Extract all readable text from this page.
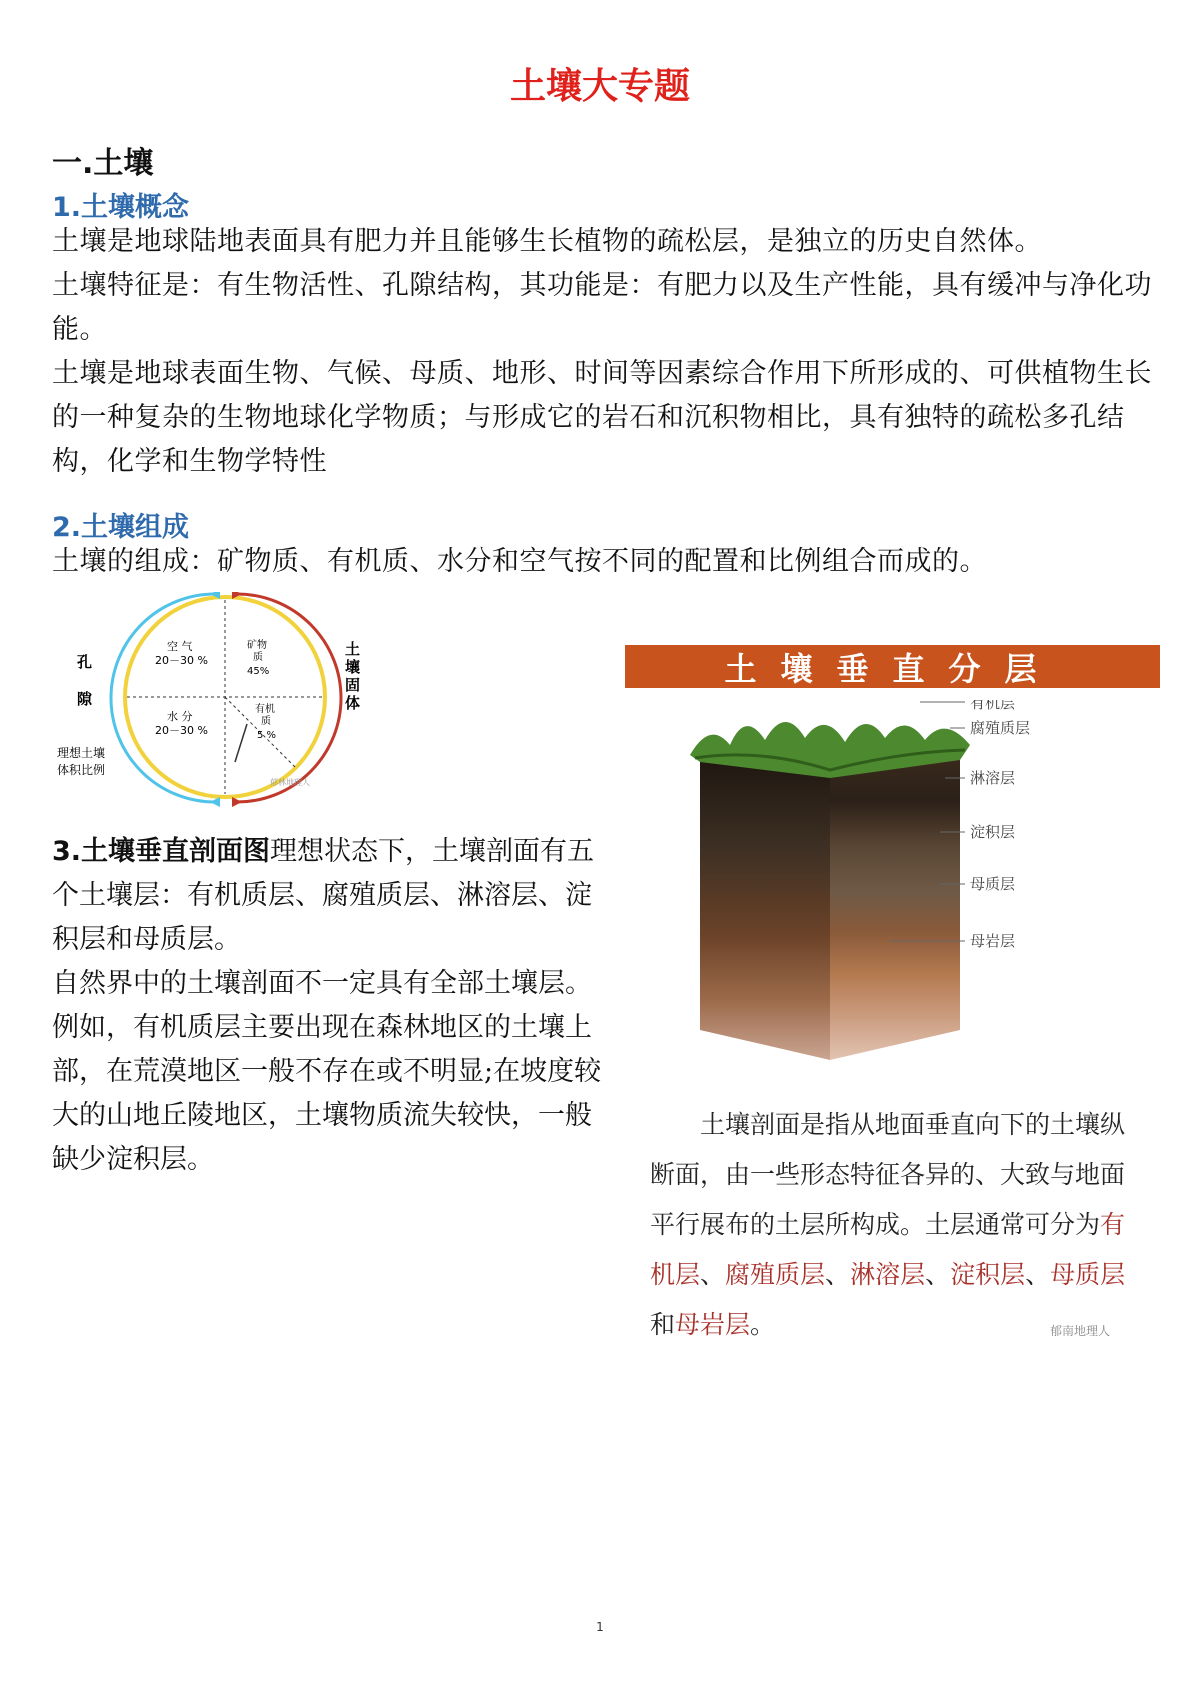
土壤大专题
一.土壤
1.土壤概念

土壤是地球陆地表面具有肥力并且能够生长植物的疏松层，是独立的历史自然体。

土壤特征是：有生物活性、孔隙结构，其功能是：有肥力以及生产性能，具有缓冲与净化功能。

土壤是地球表面生物、气候、母质、地形、时间等因素综合作用下所形成的、可供植物生长的一种复杂的生物地球化学物质；与形成它的岩石和沉积物相比，具有独特的疏松多孔结构，化学和生物学特性

2.土壤组成

土壤的组成：矿物质、有机质、水分和空气按不同的配置和比例组合而成的。

孔
隙
空 气
20－30 %
水 分
20－30 %
矿物
质
45%
有机
质
5 %
理想土壤
体积比例
郁林地理人
土 壤 固 体

3.土壤垂直剖面图理想状态下，土壤剖面有五个土壤层：有机质层、腐殖质层、淋溶层、淀积层和母质层。

自然界中的土壤剖面不一定具有全部土壤层。例如，有机质层主要出现在森林地区的土壤上部，在荒漠地区一般不存在或不明显;在坡度较大的山地丘陵地区，土壤物质流失较快，一般缺少淀积层。

土壤垂直分层
有机层
腐殖质层
淋溶层
淀积层
母质层
母岩层

土壤剖面是指从地面垂直向下的土壤纵断面，由一些形态特征各异的、大致与地面平行展布的土层所构成。土层通常可分为有机层、腐殖质层、淋溶层、淀积层、母质层和母岩层。	郁南地理人
1
